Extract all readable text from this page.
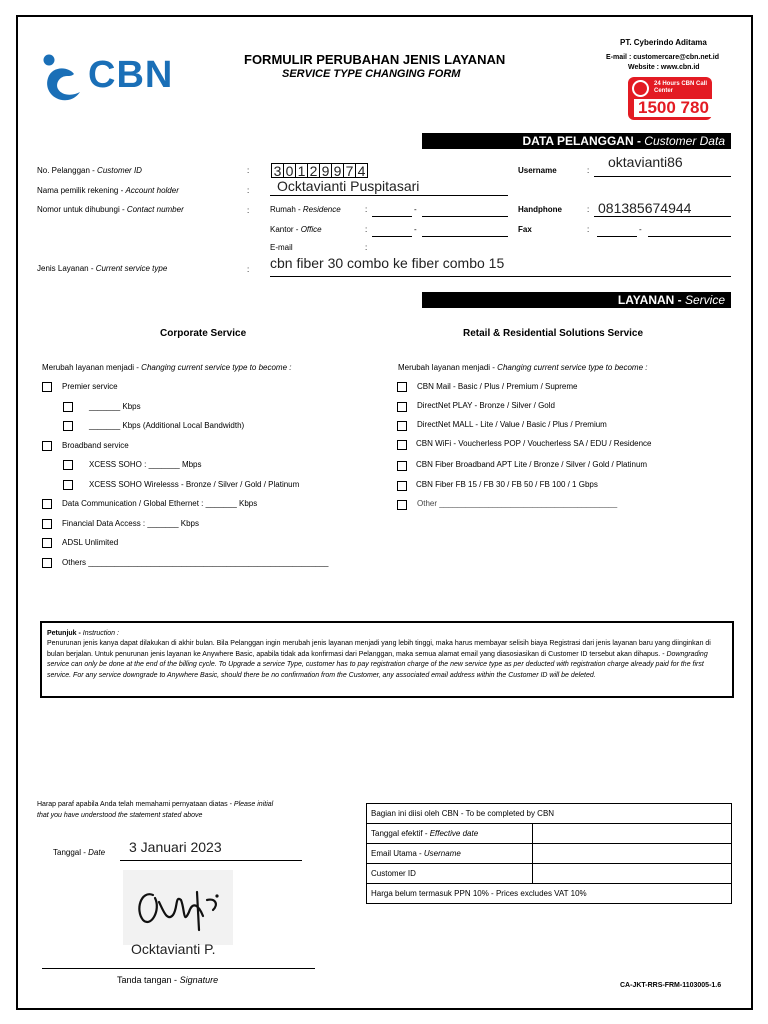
CBN	FORMULIR PERUBAHAN JENIS LAYANAN
SERVICE TYPE CHANGING FORM
PT. Cyberindo Aditama
E-mail : customercare@cbn.net.id
Website : www.cbn.id
24 Hours CBN Call Center
1500 780
DATA PELANGGAN - Customer Data
No. Pelanggan - Customer ID	: 3 0 1 2 9 9 7 4
Nama pemilik rekening - Account holder	: Ocktavianti Puspitasari
Nomor untuk dihubungi - Contact number	:	Rumah - Residence	:	-
Kantor - Office	:	-
E-mail	:
Jenis Layanan - Current service type	: cbn fiber 30 combo ke fiber combo 15
Username	:
oktavianti86
Handphone	: 081385674944
Fax	:	-
LAYANAN - Service
Corporate Service	Retail & Residential Solutions Service
Merubah layanan menjadi - Changing current service type to become :	Merubah layanan menjadi - Changing current service type to become :
Premier service
_______ Kbps
_______ Kbps (Additional Local Bandwidth)
Broadband service
XCESS SOHO : _______ Mbps
XCESS SOHO Wirelesss - Bronze / Silver / Gold / Platinum
Data Communication / Global Ethernet : _______ Kbps
Financial Data Access : _______ Kbps
ADSL Unlimited
Others ______________________________________________________
CBN Mail - Basic / Plus / Premium / Supreme
DirectNet PLAY - Bronze / Silver / Gold
DirectNet MALL - Lite / Value / Basic / Plus / Premium
CBN WiFi - Voucherless POP / Voucherless SA / EDU / Residence
CBN Fiber Broadband APT Lite / Bronze / Silver / Gold / Platinum
CBN Fiber FB 15 / FB 30 / FB 50 / FB 100 / 1 Gbps
Other ________________________________________
Petunjuk - Instruction :
Penurunan jenis kanya dapat dilakukan di akhir bulan. Bila Pelanggan ingin merubah jenis layanan menjadi yang lebih tinggi, maka harus membayar selisih biaya Registrasi dari jenis layanan baru yang diinginkan di bulan berjalan. Untuk penurunan jenis layanan ke Anywhere Basic, apabila tidak ada konfirmasi dari Pelanggan, maka semua alamat email yang diasosiasikan di Customer ID tersebut akan dihapus. - Downgrading service can only be done at the end of the billing cycle. To Upgrade a service Type, customer has to pay registration charge of the new service type as per deducted with registration charge already paid for the first service. For any service downgrade to Anywhere Basic, should there be no confirmation from the Customer, any associated email address within the Customer ID will be deleted.
Harap paraf apabila Anda telah memahami pernyataan diatas - Please initial
that you have understood the statement stated above
Tanggal - Date 3 Januari 2023
Ocktavianti P.
Tanda tangan - Signature
Bagian ini diisi oleh CBN - To be completed by CBN	
Tanggal efektif - Effective date	
Email Utama - Username	
Customer ID	
Harga belum termasuk PPN 10% - Prices excludes VAT 10%	
CA-JKT-RRS-FRM-1103005-1.6
